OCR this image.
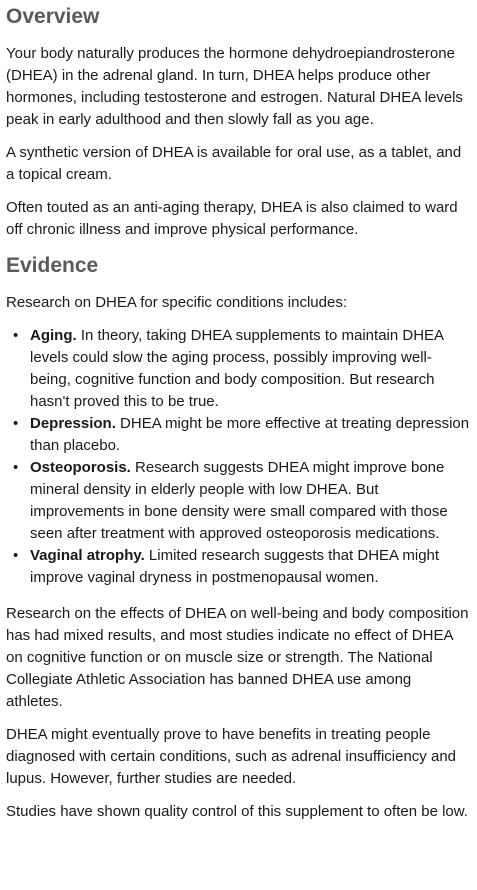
Overview

Your body naturally produces the hormone dehydroepiandrosterone (DHEA) in the adrenal gland. In turn, DHEA helps produce other hormones, including testosterone and estrogen. Natural DHEA levels peak in early adulthood and then slowly fall as you age.

A synthetic version of DHEA is available for oral use, as a tablet, and a topical cream.

Often touted as an anti-aging therapy, DHEA is also claimed to ward off chronic illness and improve physical performance.

Evidence

Research on DHEA for specific conditions includes:

• Aging. In theory, taking DHEA supplements to maintain DHEA levels could slow the aging process, possibly improving well-being, cognitive function and body composition. But research hasn't proved this to be true.
• Depression. DHEA might be more effective at treating depression than placebo.
• Osteoporosis. Research suggests DHEA might improve bone mineral density in elderly people with low DHEA. But improvements in bone density were small compared with those seen after treatment with approved osteoporosis medications.
• Vaginal atrophy. Limited research suggests that DHEA might improve vaginal dryness in postmenopausal women.

Research on the effects of DHEA on well-being and body composition has had mixed results, and most studies indicate no effect of DHEA on cognitive function or on muscle size or strength. The National Collegiate Athletic Association has banned DHEA use among athletes.

DHEA might eventually prove to have benefits in treating people diagnosed with certain conditions, such as adrenal insufficiency and lupus. However, further studies are needed.

Studies have shown quality control of this supplement to often be low.
